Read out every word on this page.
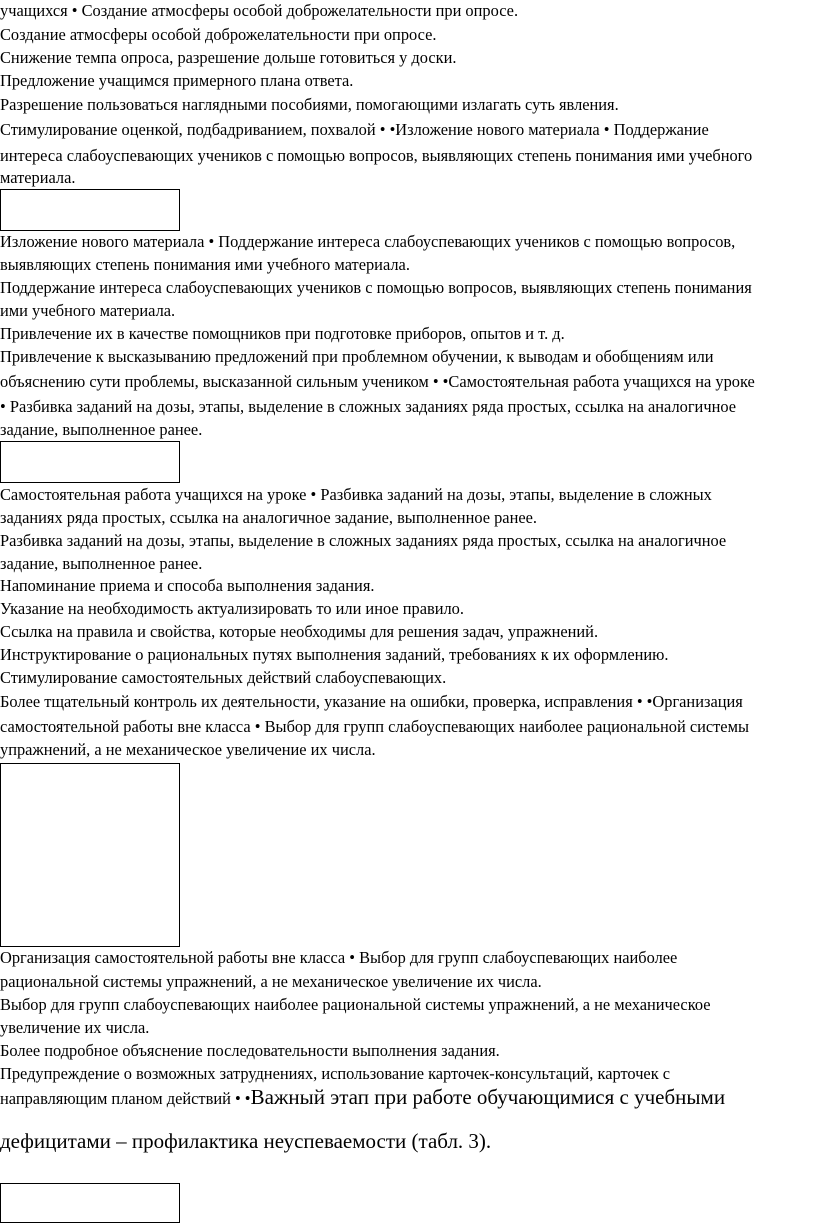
учащихся • Создание атмосферы особой доброжелательности при опросе.
Создание атмосферы особой доброжелательности при опросе.
Снижение темпа опроса, разрешение дольше готовиться у доски.
Предложение учащимся примерного плана ответа.
Разрешение пользоваться наглядными пособиями, помогающими излагать суть явления.
Стимулирование оценкой, подбадриванием, похвалой • •Изложение нового материала • Поддержание
интереса слабоуспевающих учеников с помощью вопросов, выявляющих степень понимания ими учебного
материала.
Изложение нового материала • Поддержание интереса слабоуспевающих учеников с помощью вопросов,
выявляющих степень понимания ими учебного материала.
Поддержание интереса слабоуспевающих учеников с помощью вопросов, выявляющих степень понимания
ими учебного материала.
Привлечение их в качестве помощников при подготовке приборов, опытов и т. д.
Привлечение к высказыванию предложений при проблемном обучении, к выводам и обобщениям или
объяснению сути проблемы, высказанной сильным учеником • •Самостоятельная работа учащихся на уроке
• Разбивка заданий на дозы, этапы, выделение в сложных заданиях ряда простых, ссылка на аналогичное
задание, выполненное ранее.
Самостоятельная работа учащихся на уроке • Разбивка заданий на дозы, этапы, выделение в сложных
заданиях ряда простых, ссылка на аналогичное задание, выполненное ранее.
Разбивка заданий на дозы, этапы, выделение в сложных заданиях ряда простых, ссылка на аналогичное
задание, выполненное ранее.
Напоминание приема и способа выполнения задания.
Указание на необходимость актуализировать то или иное правило.
Ссылка на правила и свойства, которые необходимы для решения задач, упражнений.
Инструктирование о рациональных путях выполнения заданий, требованиях к их оформлению.
Стимулирование самостоятельных действий слабоуспевающих.
Более тщательный контроль их деятельности, указание на ошибки, проверка, исправления • •Организация
самостоятельной работы вне класса • Выбор для групп слабоуспевающих наиболее рациональной системы
упражнений, а не механическое увеличение их числа.
Организация самостоятельной работы вне класса • Выбор для групп слабоуспевающих наиболее
рациональной системы упражнений, а не механическое увеличение их числа.
Выбор для групп слабоуспевающих наиболее рациональной системы упражнений, а не механическое
увеличение их числа.
Более подробное объяснение последовательности выполнения задания.
Предупреждение о возможных затруднениях, использование карточек-консультаций, карточек с
направляющим планом действий • •Важный этап при работе обучающимися с учебными
дефицитами – профилактика неуспеваемости (табл. 3).
